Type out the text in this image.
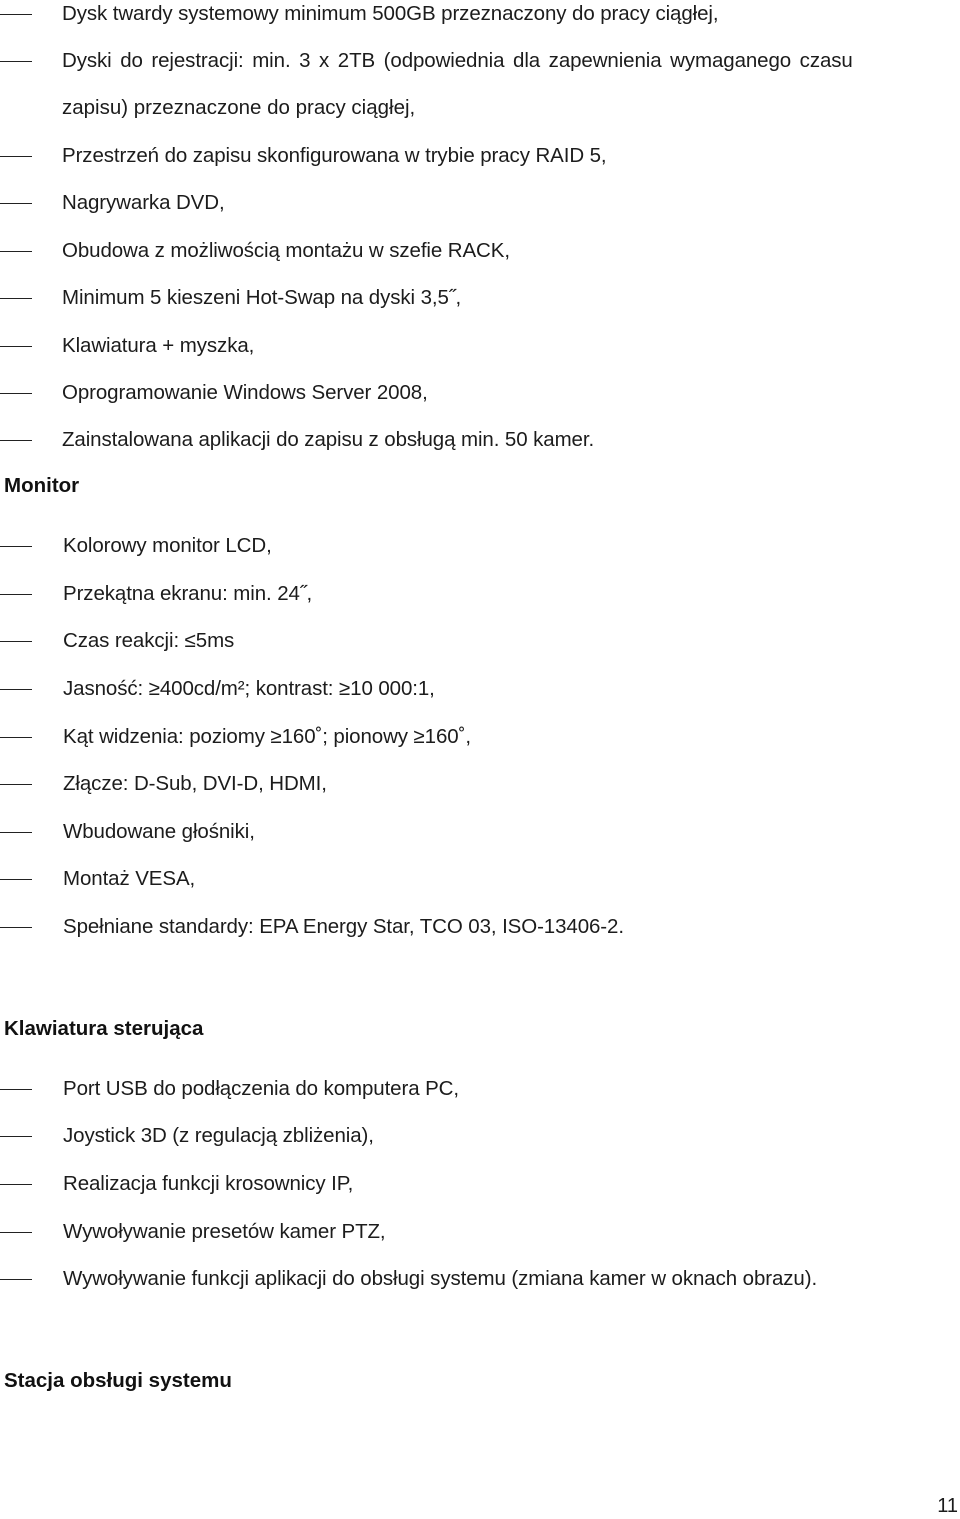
Dysk twardy systemowy minimum 500GB przeznaczony do pracy ciągłej,
Dyski do rejestracji: min. 3 x 2TB (odpowiednia dla zapewnienia wymaganego czasu
zapisu) przeznaczone do pracy ciągłej,
Przestrzeń do zapisu skonfigurowana w trybie pracy RAID 5,
Nagrywarka DVD,
Obudowa z możliwością montażu w szefie RACK,
Minimum 5 kieszeni Hot-Swap na dyski 3,5˝,
Klawiatura + myszka,
Oprogramowanie Windows Server 2008,
Zainstalowana aplikacji do zapisu z obsługą min. 50 kamer.
Monitor
Kolorowy monitor LCD,
Przekątna ekranu: min. 24˝,
Czas reakcji: ≤5ms
Jasność: ≥400cd/m²; kontrast: ≥10 000:1,
Kąt widzenia: poziomy ≥160˚; pionowy ≥160˚,
Złącze: D-Sub, DVI-D, HDMI,
Wbudowane głośniki,
Montaż VESA,
Spełniane standardy: EPA Energy Star, TCO 03, ISO-13406-2.
Klawiatura sterująca
Port USB do podłączenia do komputera PC,
Joystick 3D (z regulacją zbliżenia),
Realizacja funkcji krosownicy IP,
Wywoływanie presetów kamer PTZ,
Wywoływanie funkcji aplikacji do obsługi systemu (zmiana kamer w oknach obrazu).
Stacja obsługi systemu
11
